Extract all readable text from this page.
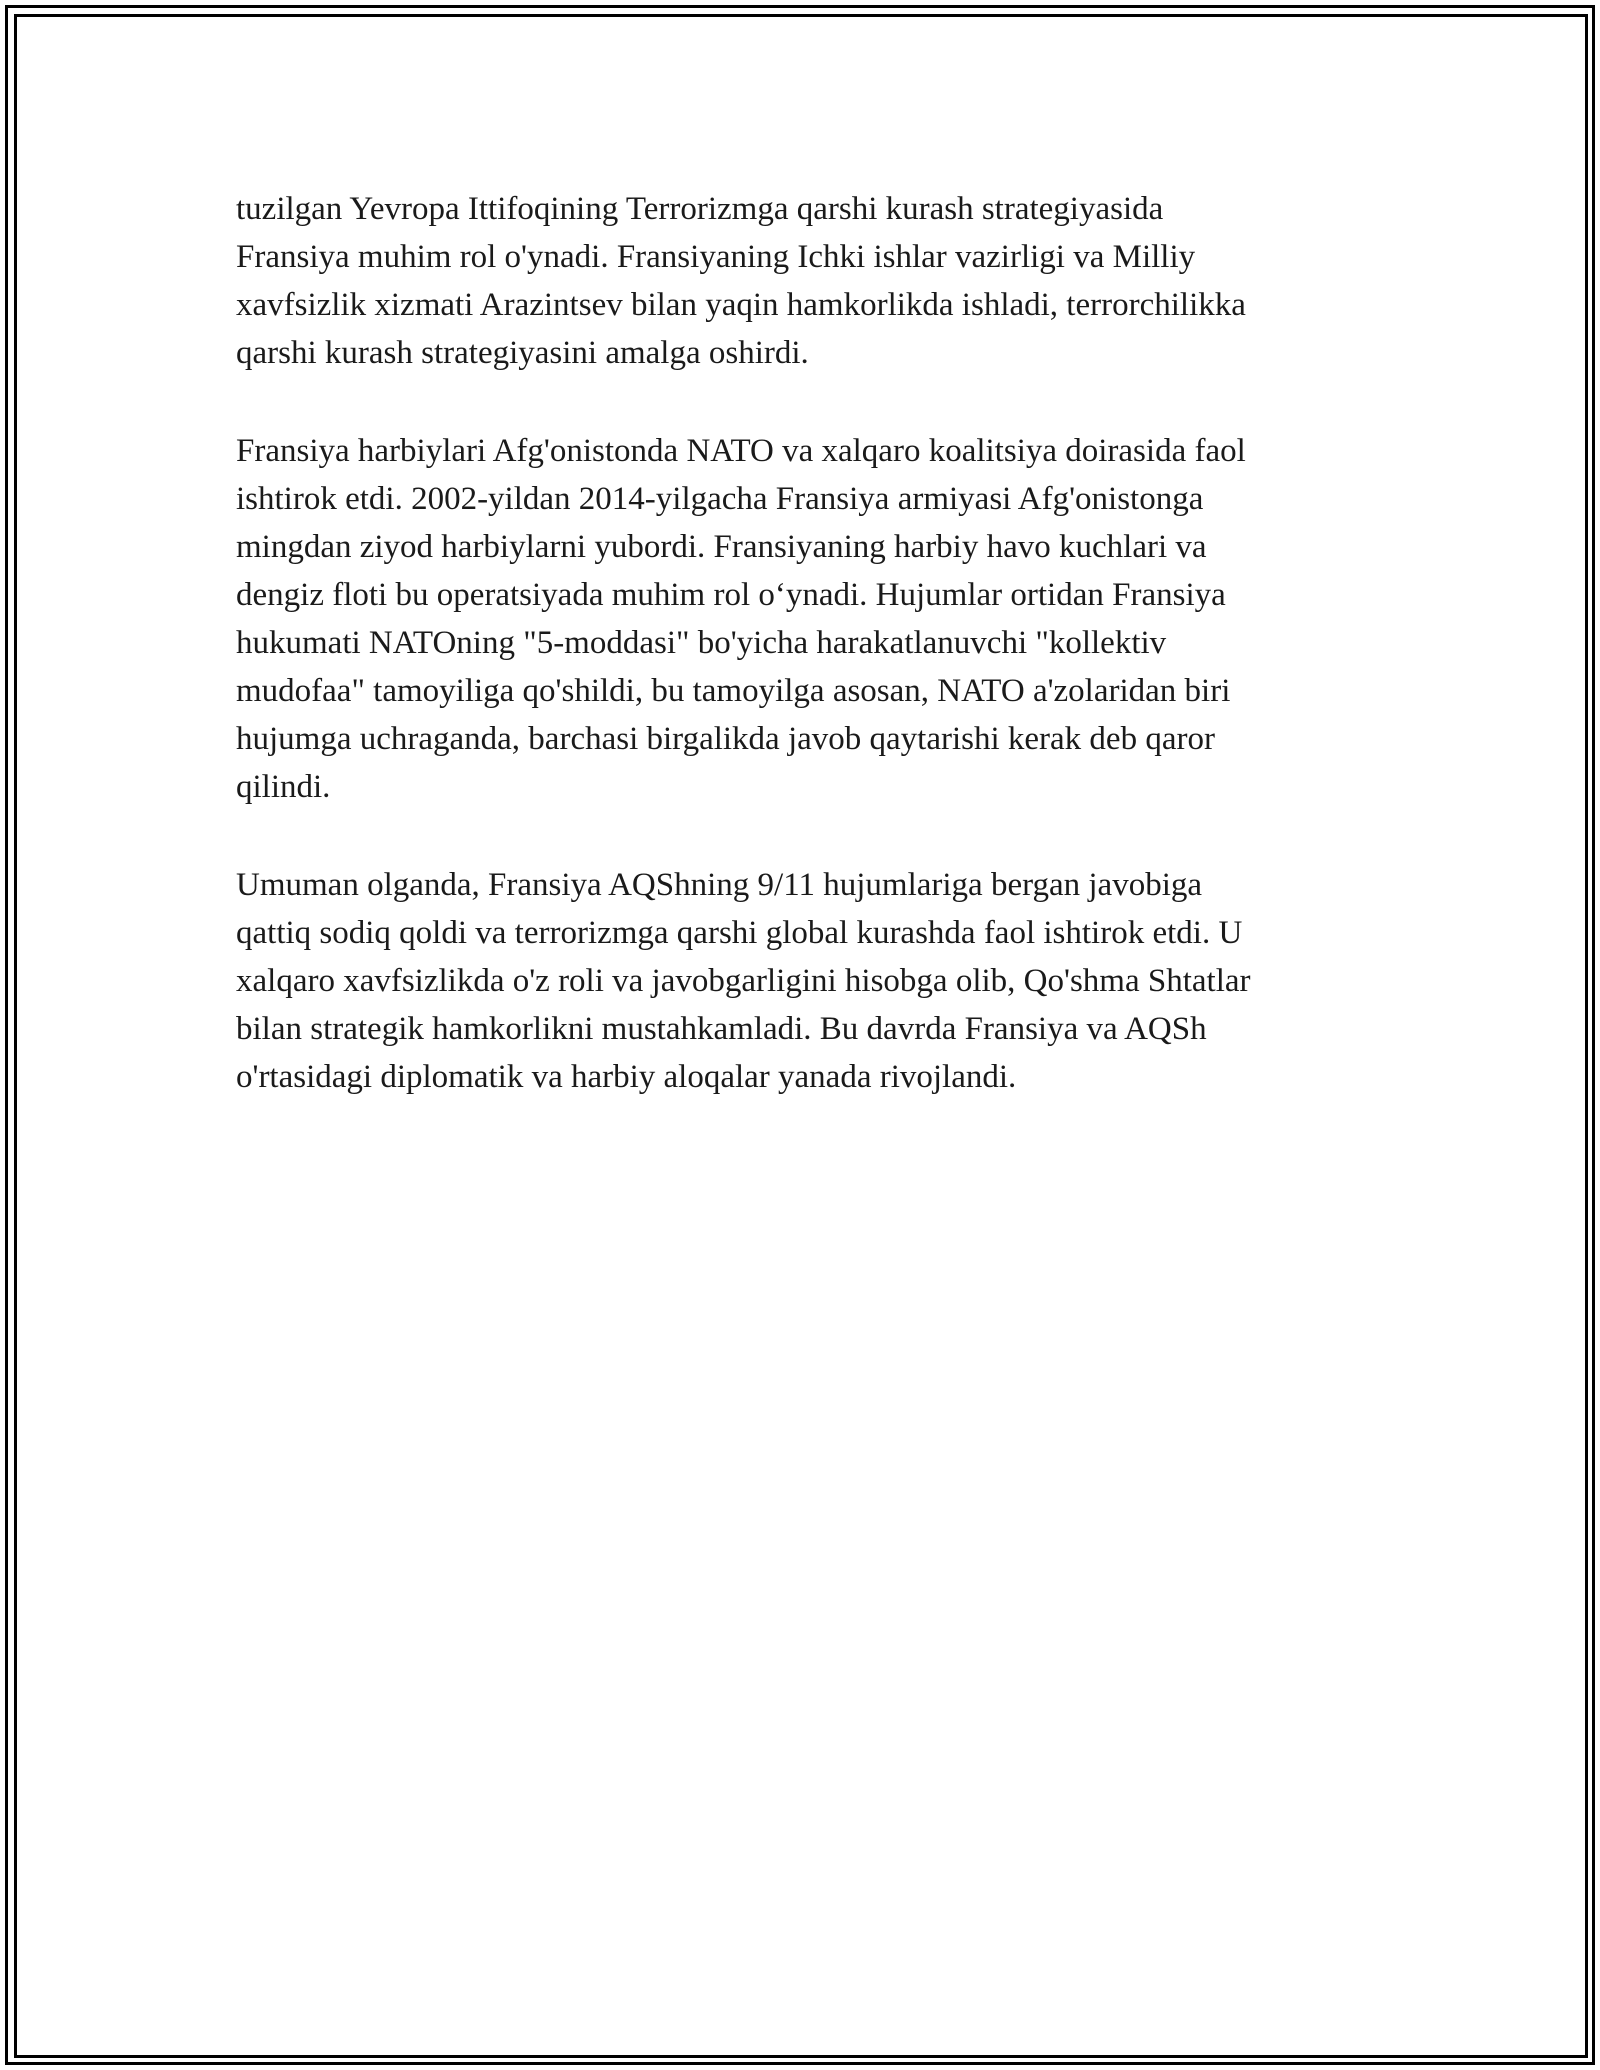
tuzilgan Yevropa Ittifoqining Terrorizmga qarshi kurash strategiyasida
Fransiya muhim rol o'ynadi. Fransiyaning Ichki ishlar vazirligi va Milliy
xavfsizlik xizmati Arazintsev bilan yaqin hamkorlikda ishladi, terrorchilikka
qarshi kurash strategiyasini amalga oshirdi.

Fransiya harbiylari Afg'onistonda NATO va xalqaro koalitsiya doirasida faol
ishtirok etdi. 2002-yildan 2014-yilgacha Fransiya armiyasi Afg'onistonga
mingdan ziyod harbiylarni yubordi. Fransiyaning harbiy havo kuchlari va
dengiz floti bu operatsiyada muhim rol o‘ynadi. Hujumlar ortidan Fransiya
hukumati NATOning "5-moddasi" bo'yicha harakatlanuvchi "kollektiv
mudofaa" tamoyiliga qo'shildi, bu tamoyilga asosan, NATO a'zolaridan biri
hujumga uchraganda, barchasi birgalikda javob qaytarishi kerak deb qaror
qilindi.

Umuman olganda, Fransiya AQShning 9/11 hujumlariga bergan javobiga
qattiq sodiq qoldi va terrorizmga qarshi global kurashda faol ishtirok etdi. U
xalqaro xavfsizlikda o'z roli va javobgarligini hisobga olib, Qo'shma Shtatlar
bilan strategik hamkorlikni mustahkamladi. Bu davrda Fransiya va AQSh
o'rtasidagi diplomatik va harbiy aloqalar yanada rivojlandi.
